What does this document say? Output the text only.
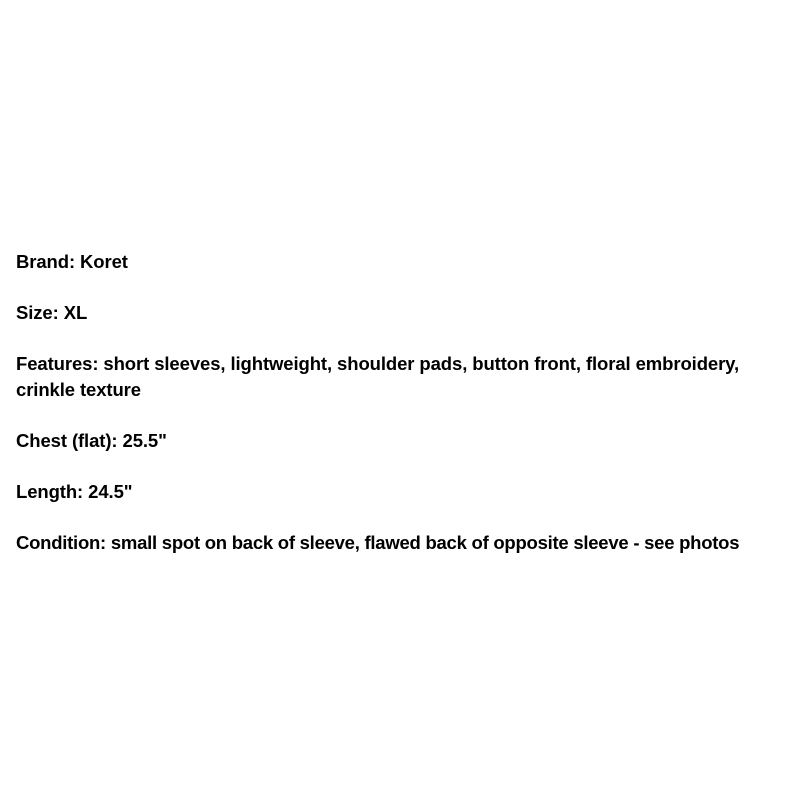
Brand: Koret

Size: XL

Features: short sleeves, lightweight, shoulder pads, button front, floral embroidery, crinkle texture

Chest (flat): 25.5"

Length: 24.5"

Condition: small spot on back of sleeve, flawed back of opposite sleeve - see photos
